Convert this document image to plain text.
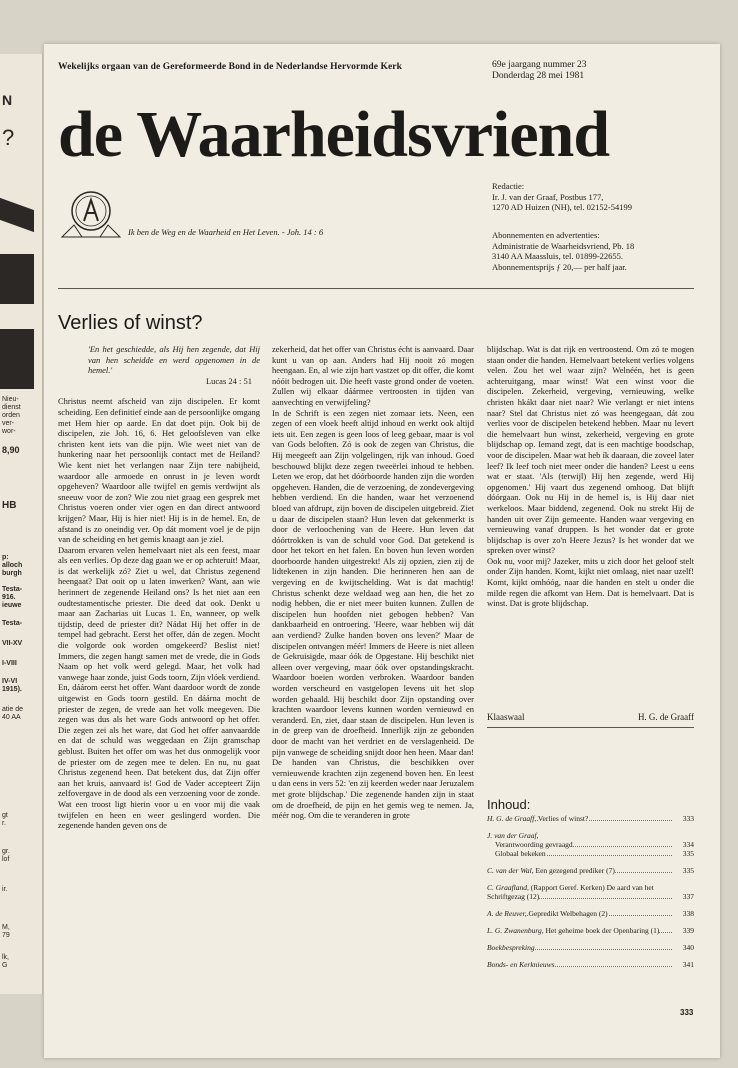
N
?
Nieu-
dienst
orden
ver-
wor-
8,90
HB
p:
alloch
burgh
Testa-
916.
ieuwe
Testa-
VII-XV
I-VIII
IV-VI
1915).
atie de
40 AA
gt
r.
gr.
lof
ir.
M,
79
lk,
G
Wekelijks orgaan van de Gereformeerde Bond in de Nederlandse Hervormde Kerk	69e jaargang nummer 23
Donderdag 28 mei 1981
de Waarheidsvriend
Ik ben de Weg en de Waarheid en Het Leven. - Joh. 14 : 6
Redactie:
Ir. J. van der Graaf, Postbus 177,
1270 AD Huizen (NH), tel. 02152-54199
Abonnementen en advertenties:
Administratie de Waarheidsvriend, Pb. 18
3140 AA Maassluis, tel. 01899-22655.
Abonnementsprijs ƒ 20,— per half jaar.
Verlies of winst?

'En het geschiedde, als Hij hen zegende, dat Hij van hen scheidde en werd opgenomen in de hemel.'

Lucas 24 : 51

Christus neemt afscheid van zijn discipelen. Er komt scheiding. Een definitief einde aan de persoonlijke omgang met Hem hier op aarde. En dat doet pijn. Ook bij de discipelen, zie Joh. 16, 6. Het geloofsleven van elke christen kent iets van die pijn. Wie weet niet van de hunkering naar het persoonlijk contact met de Heiland? Wie kent niet het verlangen naar Zijn tere nabijheid, waardoor alle armoede en onrust in je leven wordt opgeheven? Waardoor alle twijfel en gemis verdwijnt als sneeuw voor de zon? Wie zou niet graag een gesprek met Christus voeren onder vier ogen en dan direct antwoord krijgen? Maar, Hij is hier niet! Hij is in de hemel. En, de afstand is zo oneindig ver. Op dát moment voel je de pijn van de scheiding en het gemis knaagt aan je ziel.

Daarom ervaren velen hemelvaart niet als een feest, maar als een verlies. Op deze dag gaan we er op achteruit! Maar, is dat werkelijk zó? Ziet u wel, dat Christus zegenend heengaat? Dat ooit op u laten inwerken? Want, aan wie herinnert de zegenende Heiland ons? Is het niet aan een oudtestamentische priester. Die deed dat ook. Denkt u maar aan Zacharias uit Lucas 1. En, wanneer, op welk tijdstip, deed de priester dit? Nádat Hij het offer in de tempel had gebracht. Eerst het offer, dán de zegen. Mocht die volgorde ook worden omgekeerd? Beslist niet! Immers, die zegen hangt samen met de vrede, die in Gods Naam op het volk werd gelegd. Maar, het volk had vanwege haar zonde, juist Gods toorn, Zijn vlóek verdiend. En, dáárom eerst het offer. Want daardoor wordt de zonde uitgewist en Gods toorn gestild. En dáárna mocht de priester de zegen, de vrede aan het volk meegeven. Die zegen was dus als het ware Gods antwoord op het offer. Die zegen zei als het ware, dat God het offer aanvaardde en dat de schuld was weggedaan en Zijn gramschap geblust. Buiten het offer om was het dus onmogelijk voor de priester om de zegen mee te delen. En nu, nu gaat Christus zegenend heen. Dat betekent dus, dat Zijn offer aan het kruis, aanvaard is! God de Vader accepteert Zijn zelfovergave in de dood als een verzoening voor de zonde. Wat een troost ligt hierin voor u en voor mij die vaak twijfelen en heen en weer geslingerd worden. Die zegenende handen geven ons de

zekerheid, dat het offer van Christus écht is aanvaard. Daar kunt u van op aan. Anders had Hij nooit zó mogen heengaan. En, al wie zijn hart vastzet op dit offer, die komt nóóit bedrogen uit. Die heeft vaste grond onder de voeten. Zullen wij elkaar dáármee vertroosten in tijden van aanvechting en verwijfeling?

In de Schrift is een zegen niet zomaar iets. Neen, een zegen of een vloek heeft altijd inhoud en werkt ook altijd iets uit. Een zegen is geen loos of leeg gebaar, maar is vol van Gods beloften. Zó is ook de zegen van Christus, die Hij meegeeft aan Zijn volgelingen, rijk van inhoud. Goed beschouwd blijkt deze zegen tweeërlei inhoud te hebben. Leten we erop, dat het dóórboorde handen zijn die worden opgeheven. Handen, die de verzoening, de zondevergeving hebben verdiend. En die handen, waar het verzoenend bloed van afdrupt, zijn boven de discipelen uitgebreid. Ziet u daar de discipelen staan? Hun leven dat gekenmerkt is door de verloochening van de Heere. Hun leven dat dóórtrokken is van de schuld voor God. Dat getekend is door het tekort en het falen. En boven hun leven worden doorboorde handen uitgestrekt! Als zij opzien, zien zij de lidtekenen in zijn handen. Die herinneren hen aan de vergeving en de kwijtschelding. Wat is dat machtig! Christus schenkt deze weldaad weg aan hen, die het zo nodig hebben, die er niet meer buiten kunnen. Zullen de discipelen hun hoofden niet gebogen hebben? Van dankbaarheid en ontroering. 'Heere, waar hebben wij dát aan verdiend? Zulke handen boven ons leven?' Maar de discipelen ontvangen méér! Immers de Heere is niet alleen de Gekruisigde, maar óók de Opgestane. Hij beschikt niet alleen over vergeving, maar óók over opstandingskracht. Waardoor boeien worden verbroken. Waardoor banden worden verscheurd en vastgelopen levens uit het slop worden gehaald. Hij beschikt door Zijn opstanding over krachten waardoor levens kunnen worden vernieuwd en veranderd. En, ziet, daar staan de discipelen. Hun leven is in de greep van de droefheid. Innerlijk zijn ze gebonden door de macht van het verdriet en de verslagenheid. De pijn vanwege de scheiding snijdt door hen heen. Maar dan! De handen van Christus, die beschikken over vernieuwende krachten zijn zegenend boven hen. En leest u dan eens in vers 52: 'en zij keerden weder naar Jeruzalem met grote blijdschap.' Die zegenende handen zijn in staat om de droefheid, de pijn en het gemis weg te nemen. Ja, méér nog. Om die te veranderen in grote

blijdschap. Wat is dat rijk en vertroostend. Om zó te mogen staan onder die handen. Hemelvaart betekent verlies volgens velen. Zou het wel waar zijn? Welnéén, het is geen achteruitgang, maar winst! Wat een winst voor die discipelen. Zekerheid, vergeving, vernieuwing, welke christen hkákt daar niet naar? Wie verlangt er niet intens naar? Stel dat Christus niet zó was heengegaan, dát zou verlies voor de discipelen betekend hebben. Maar nu levert die hemelvaart hun winst, zekerheid, vergeving en grote blijdschap op. Iemand zegt, dat is een machtige boodschap, voor de discipelen. Maar wat heb ík daaraan, die zoveel later leef? Ik leef toch niet meer onder die handen? Leest u eens wat er staat. 'Als (terwijl) Hij hen zegende, werd Hij opgenomen.' Hij vaart dus zegenend omhoog. Dat blijft dóórgaan. Ook nu Hij in de hemel is, is Hij daar niet werkeloos. Maar biddend, zegenend. Ook nu strekt Hij de handen uit over Zijn gemeente. Handen waar vergeving en vernieuwing vanaf druppen. Is het wonder dat er grote blijdschap is over zo'n Heere Jezus? Is het wonder dat we spreken over winst?

Ook nu, voor mij? Jazeker, mits u zich door het geloof stelt onder Zijn handen. Komt, kijkt niet omlaag, niet naar uzelf! Komt, kijkt omhóóg, naar die handen en stelt u onder die milde regen die afkomt van Hem. Dat is hemelvaart. Dat is winst. Dat is grote blijdschap.

Klaaswaal	H. G. de Graaff
Inhoud:
H. G. de Graaff, Verlies of winst?	333
J. van der Graaf,
Verantwoording gevraagd	334
Globaal bekeken	335
C. van der Wal, Een gezegend prediker (7)	335
C. Graafland, (Rapport Geref. Kerken) De aard van het Schriftgezag (12)	337
A. de Reuver, Gepredikt Welbehagen (2)	338
L. G. Zwanenburg, Het geheime boek der Openbaring (1)	339
Boekbespreking	340
Bonds- en Kerknieuws	341
333
